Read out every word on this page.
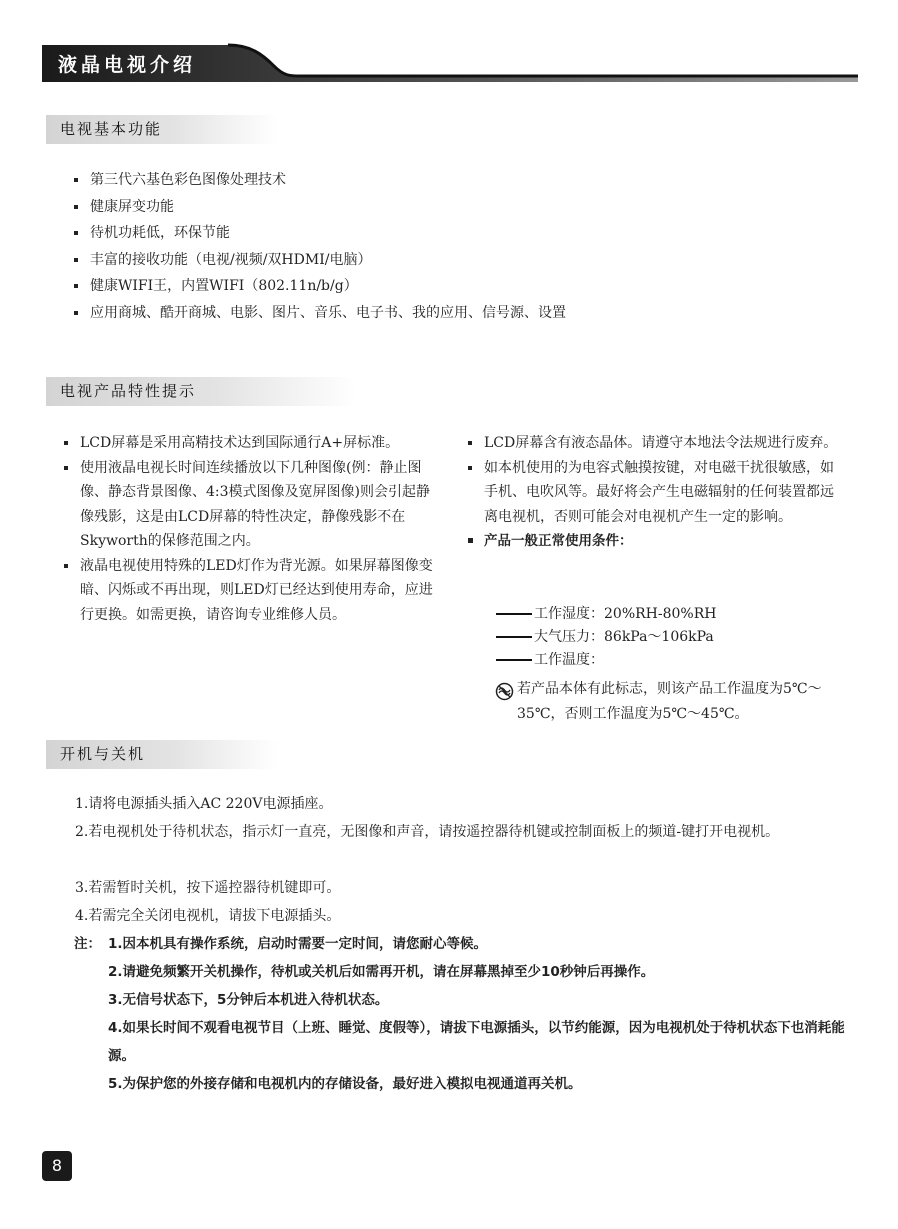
液晶电视介绍
电视基本功能
第三代六基色彩色图像处理技术
健康屏变功能
待机功耗低，环保节能
丰富的接收功能（电视/视频/双HDMI/电脑）
健康WIFI王，内置WIFI（802.11n/b/g）
应用商城、酷开商城、电影、图片、音乐、电子书、我的应用、信号源、设置
电视产品特性提示
LCD屏幕是采用高精技术达到国际通行A+屏标准。
使用液晶电视长时间连续播放以下几种图像(例：静止图像、静态背景图像、4:3模式图像及宽屏图像)则会引起静像残影，这是由LCD屏幕的特性决定，静像残影不在Skyworth的保修范围之内。
液晶电视使用特殊的LED灯作为背光源。如果屏幕图像变暗、闪烁或不再出现，则LED灯已经达到使用寿命，应进行更换。如需更换，请咨询专业维修人员。
LCD屏幕含有液态晶体。请遵守本地法令法规进行废弃。
如本机使用的为电容式触摸按键，对电磁干扰很敏感，如手机、电吹风等。最好将会产生电磁辐射的任何装置都远离电视机，否则可能会对电视机产生一定的影响。
产品一般正常使用条件：
工作湿度：20%RH-80%RH
大气压力：86kPa～106kPa
工作温度：
若产品本体有此标志，则该产品工作温度为5℃～35℃，否则工作温度为5℃～45℃。
开机与关机
1.请将电源插头插入AC 220V电源插座。
2.若电视机处于待机状态，指示灯一直亮，无图像和声音，请按遥控器待机键或控制面板上的频道-键打开电视机。
3.若需暂时关机，按下遥控器待机键即可。
4.若需完全关闭电视机，请拔下电源插头。
注： 1.因本机具有操作系统，启动时需要一定时间，请您耐心等候。
2.请避免频繁开关机操作，待机或关机后如需再开机，请在屏幕黑掉至少10秒钟后再操作。
3.无信号状态下，5分钟后本机进入待机状态。
4.如果长时间不观看电视节目（上班、睡觉、度假等），请拔下电源插头，以节约能源，因为电视机处于待机状态下也消耗能源。
5.为保护您的外接存储和电视机内的存储设备，最好进入模拟电视通道再关机。
8
